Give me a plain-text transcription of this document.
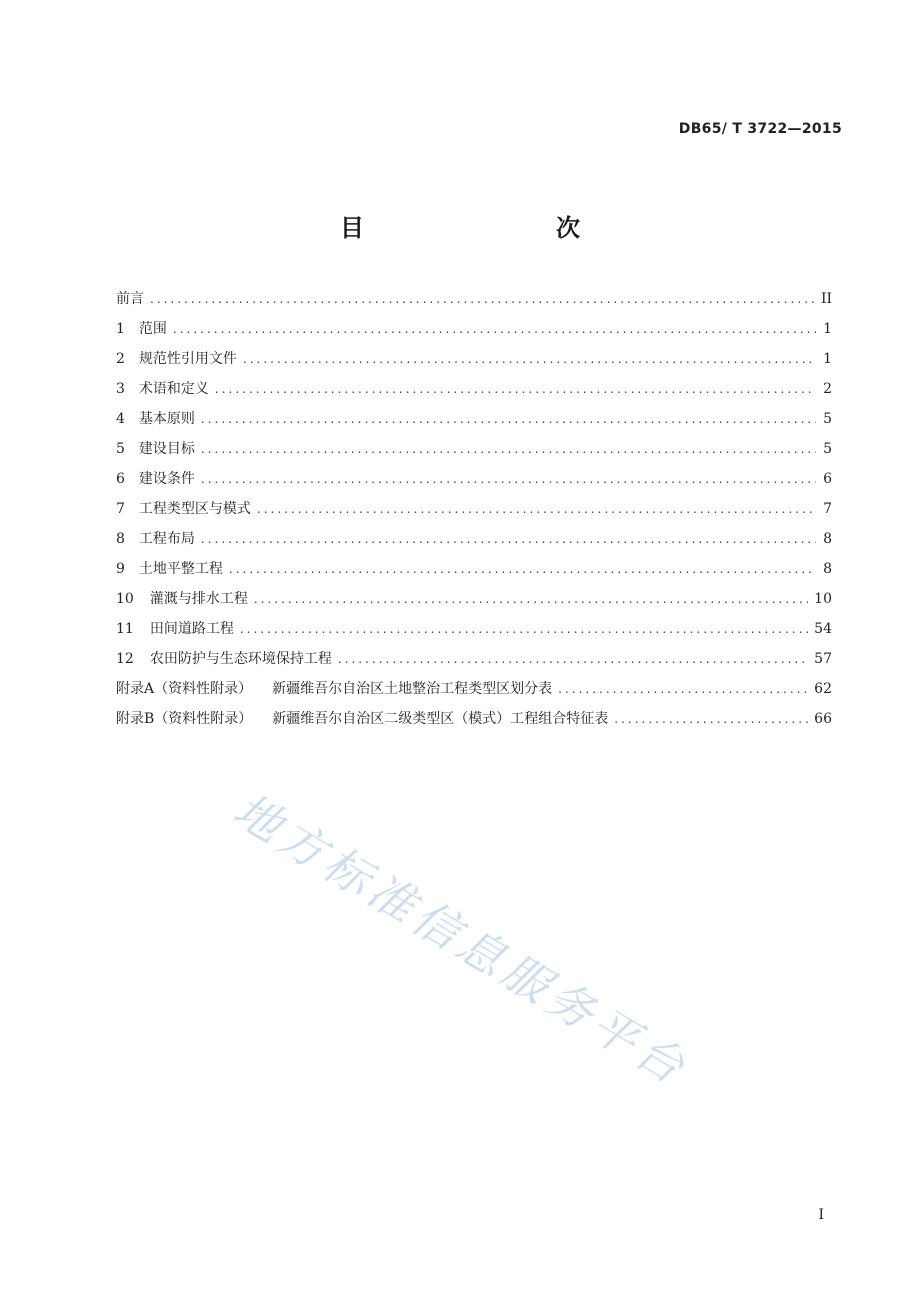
DB65/ T 3722—2015
目　　次
前言 .....	II
1 范围 .....	1
2 规范性引用文件 .....	1
3 术语和定义 .....	2
4 基本原则 .....	5
5 建设目标 .....	5
6 建设条件 .....	6
7 工程类型区与模式 .....	7
8 工程布局 .....	8
9 土地平整工程 .....	8
10 灌溉与排水工程 .....	10
11 田间道路工程 .....	54
12 农田防护与生态环境保持工程 .....	57
附录A（资料性附录） 新疆维吾尔自治区土地整治工程类型区划分表 .....	62
附录B（资料性附录） 新疆维吾尔自治区二级类型区（模式）工程组合特征表 .....	66
地方标准信息服务平台
I
